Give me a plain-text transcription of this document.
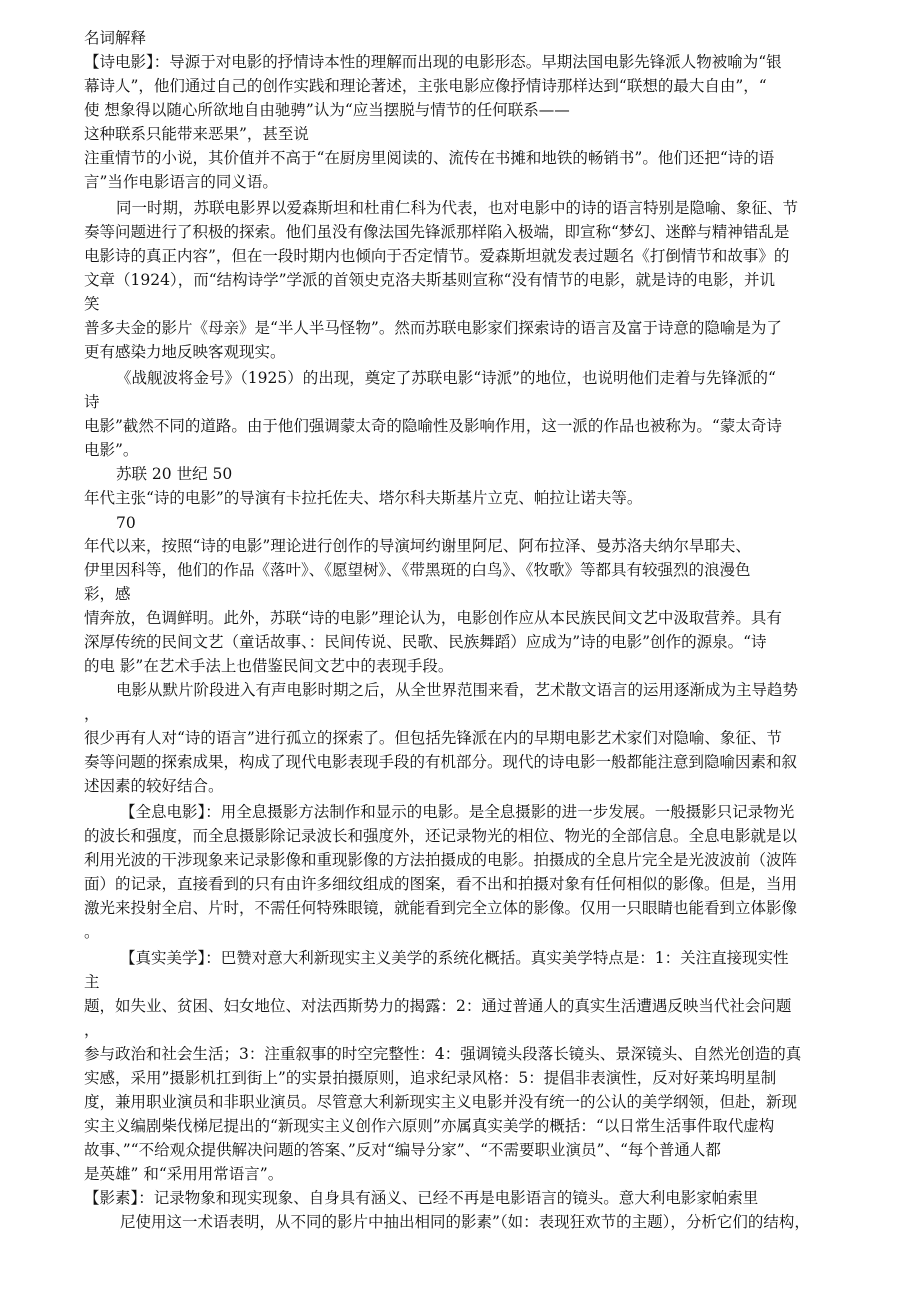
名词解释
【诗电影】：导源于对电影的抒情诗本性的理解而出现的电影形态。早期法国电影先锋派人物被喻为“银
幕诗人”，他们通过自己的创作实践和理论著述，主张电影应像抒情诗那样达到“联想的最大自由”，“
使 想象得以随心所欲地自由驰骋”认为“应当摆脱与情节的任何联系——
这种联系只能带来恶果”，甚至说
注重情节的小说，其价值并不高于“在厨房里阅读的、流传在书摊和地铁的畅销书”。他们还把“诗的语
言”当作电影语言的同义语。
同一时期，苏联电影界以爱森斯坦和杜甫仁科为代表，也对电影中的诗的语言特别是隐喻、象征、节
奏等问题进行了积极的探索。他们虽没有像法国先锋派那样陷入极端，即宣称“梦幻、迷醉与精神错乱是
电影诗的真正内容”，但在一段时期内也倾向于否定情节。爱森斯坦就发表过题名《打倒情节和故事》的
文章（1924），而“结构诗学”学派的首领史克洛夫斯基则宣称“没有情节的电影，就是诗的电影，并讥
笑
普多夫金的影片《母亲》是“半人半马怪物”。然而苏联电影家们探索诗的语言及富于诗意的隐喻是为了
更有感染力地反映客观现实。
《战舰波将金号》（1925）的出现，奠定了苏联电影“诗派”的地位，也说明他们走着与先锋派的“
诗
电影”截然不同的道路。由于他们强调蒙太奇的隐喻性及影响作用，这一派的作品也被称为。“蒙太奇诗
电影”。
苏联 20 世纪 50
年代主张“诗的电影”的导演有卡拉托佐夫、塔尔科夫斯基片立克、帕拉让诺夫等。
70
年代以来，按照“诗的电影”理论进行创作的导演坷约谢里阿尼、阿布拉泽、曼苏洛夫纳尔旱耶夫、
伊里因科等，他们的作品《落叶》、《愿望树》、《带黑斑的白鸟》、《牧歌》等都具有较强烈的浪漫色
彩，感
情奔放，色调鲜明。此外，苏联“诗的电影”理论认为，电影创作应从本民族民间文艺中汲取营养。具有
深厚传统的民间文艺（童话故事、：民间传说、民歌、民族舞蹈）应成为”诗的电影”创作的源泉。“诗
的电 影”在艺术手法上也借鉴民间文艺中的表现手段。
电影从默片阶段进入有声电影时期之后，从全世界范围来看，艺术散文语言的运用逐渐成为主导趋势
，
很少再有人对“诗的语言”进行孤立的探索了。但包括先锋派在内的早期电影艺术家们对隐喻、象征、节
奏等问题的探索成果，构成了现代电影表现手段的有机部分。现代的诗电影一般都能注意到隐喻因素和叙
述因素的较好结合。
【全息电影】：用全息摄影方法制作和显示的电影。是全息摄影的进一步发展。一般摄影只记录物光
的波长和强度，而全息摄影除记录波长和强度外，还记录物光的相位、物光的全部信息。全息电影就是以
利用光波的干涉现象来记录影像和重现影像的方法拍摄成的电影。拍摄成的全息片完全是光波波前（波阵
面）的记录，直接看到的只有由许多细纹组成的图案，看不出和拍摄对象有任何相似的影像。但是，当用
激光来投射全启、片时，不需任何特殊眼镜，就能看到完全立体的影像。仅用一只眼睛也能看到立体影像
。
【真实美学】：巴赞对意大利新现实主义美学的系统化概括。真实美学特点是：1：关注直接现实性
主
题，如失业、贫困、妇女地位、对法西斯势力的揭露：2：通过普通人的真实生活遭遇反映当代社会问题
，
参与政治和社会生活；3：注重叙事的时空完整性：4：强调镜头段落长镜头、景深镜头、自然光创造的真
实感，采用”摄影机扛到街上”的实景拍摄原则，追求纪录风格：5：提倡非表演性，反对好莱坞明星制
度，兼用职业演员和非职业演员。尽管意大利新现实主义电影并没有统一的公认的美学纲领，但赴，新现
实主义编剧柴伐梯尼提出的“新现实主义创作六原则”亦属真实美学的概括：“以日常生活事件取代虚构
故事、”“不给观众提供解决问题的答案、”反对“编导分家”、“不需要职业演员”、“每个普通人都
是英雄” 和“采用用常语言”。
【影素】：记录物象和现实现象、自身具有涵义、已经不再是电影语言的镜头。意大利电影家帕索里
尼使用这一术语表明，从不同的影片中抽出相同的影素”（如：表现狂欢节的主题），分析它们的结构，
